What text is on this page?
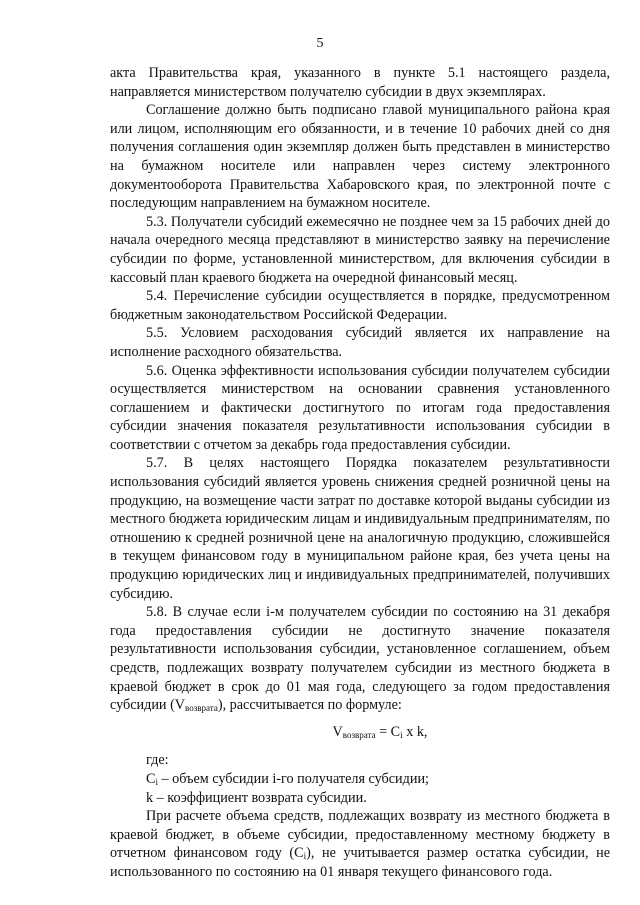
5

акта Правительства края, указанного в пункте 5.1 настоящего раздела, направляется министерством получателю субсидии в двух экземплярах.

Соглашение должно быть подписано главой муниципального района края или лицом, исполняющим его обязанности, и в течение 10 рабочих дней со дня получения соглашения один экземпляр должен быть представлен в министерство на бумажном носителе или направлен через систему электронного документооборота Правительства Хабаровского края, по электронной почте с последующим направлением на бумажном носителе.

5.3. Получатели субсидий ежемесячно не позднее чем за 15 рабочих дней до начала очередного месяца представляют в министерство заявку на перечисление субсидии по форме, установленной министерством, для включения субсидии в кассовый план краевого бюджета на очередной финансовый месяц.

5.4. Перечисление субсидии осуществляется в порядке, предусмотренном бюджетным законодательством Российской Федерации.

5.5. Условием расходования субсидий является их направление на исполнение расходного обязательства.

5.6. Оценка эффективности использования субсидии получателем субсидии осуществляется министерством на основании сравнения установленного соглашением и фактически достигнутого по итогам года предоставления субсидии значения показателя результативности использования субсидии в соответствии с отчетом за декабрь года предоставления субсидии.

5.7. В целях настоящего Порядка показателем результативности использования субсидий является уровень снижения средней розничной цены на продукцию, на возмещение части затрат по доставке которой выданы субсидии из местного бюджета юридическим лицам и индивидуальным предпринимателям, по отношению к средней розничной цене на аналогичную продукцию, сложившейся в текущем финансовом году в муниципальном районе края, без учета цены на продукцию юридических лиц и индивидуальных предпринимателей, получивших субсидию.

5.8. В случае если i-м получателем субсидии по состоянию на 31 декабря года предоставления субсидии не достигнуто значение показателя результативности использования субсидии, установленное соглашением, объем средств, подлежащих возврату получателем субсидии из местного бюджета в краевой бюджет в срок до 01 мая года, следующего за годом предоставления субсидии $(V_{возврата})$, рассчитывается по формуле:

$V_{возврата} = C_i$ x k,

где:

$C_i$ – объем субсидии i-го получателя субсидии;

k – коэффициент возврата субсидии.

При расчете объема средств, подлежащих возврату из местного бюджета в краевой бюджет, в объеме субсидии, предоставленному местному бюджету в отчетном финансовом году $(C_i)$, не учитывается размер остатка субсидии, не использованного по состоянию на 01 января текущего финансового года.
